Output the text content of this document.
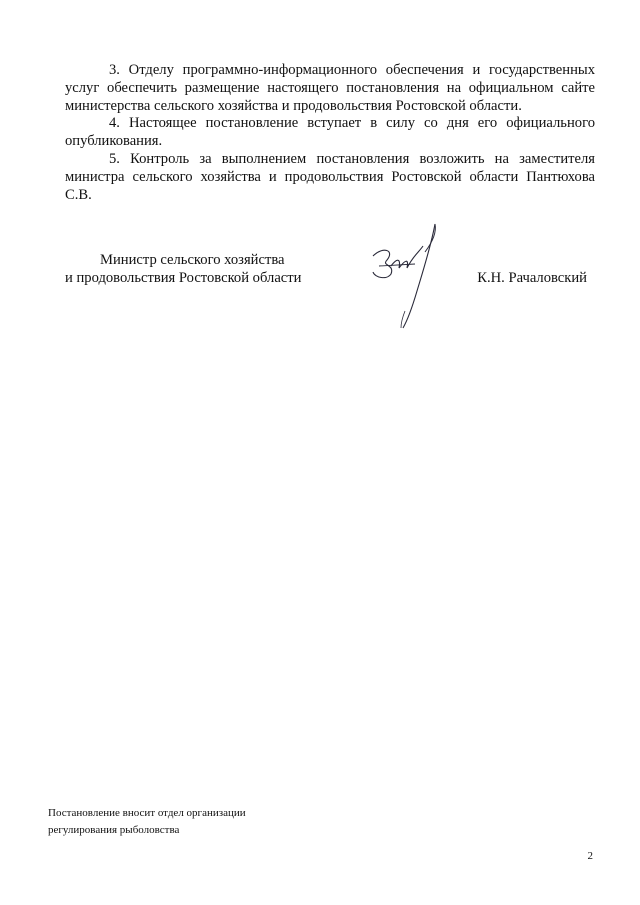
3. Отделу программно-информационного обеспечения и государственных услуг обеспечить размещение настоящего постановления на официальном сайте министерства сельского хозяйства и продовольствия Ростовской области.

4. Настоящее постановление вступает в силу со дня его официального опубликования.

5. Контроль за выполнением постановления возложить на заместителя министра сельского хозяйства и продовольствия Ростовской области Пантюхова С.В.

Министр сельского хозяйства
и продовольствия Ростовской области	К.Н. Рачаловский
Постановление вносит отдел организации
регулирования рыболовства
2
